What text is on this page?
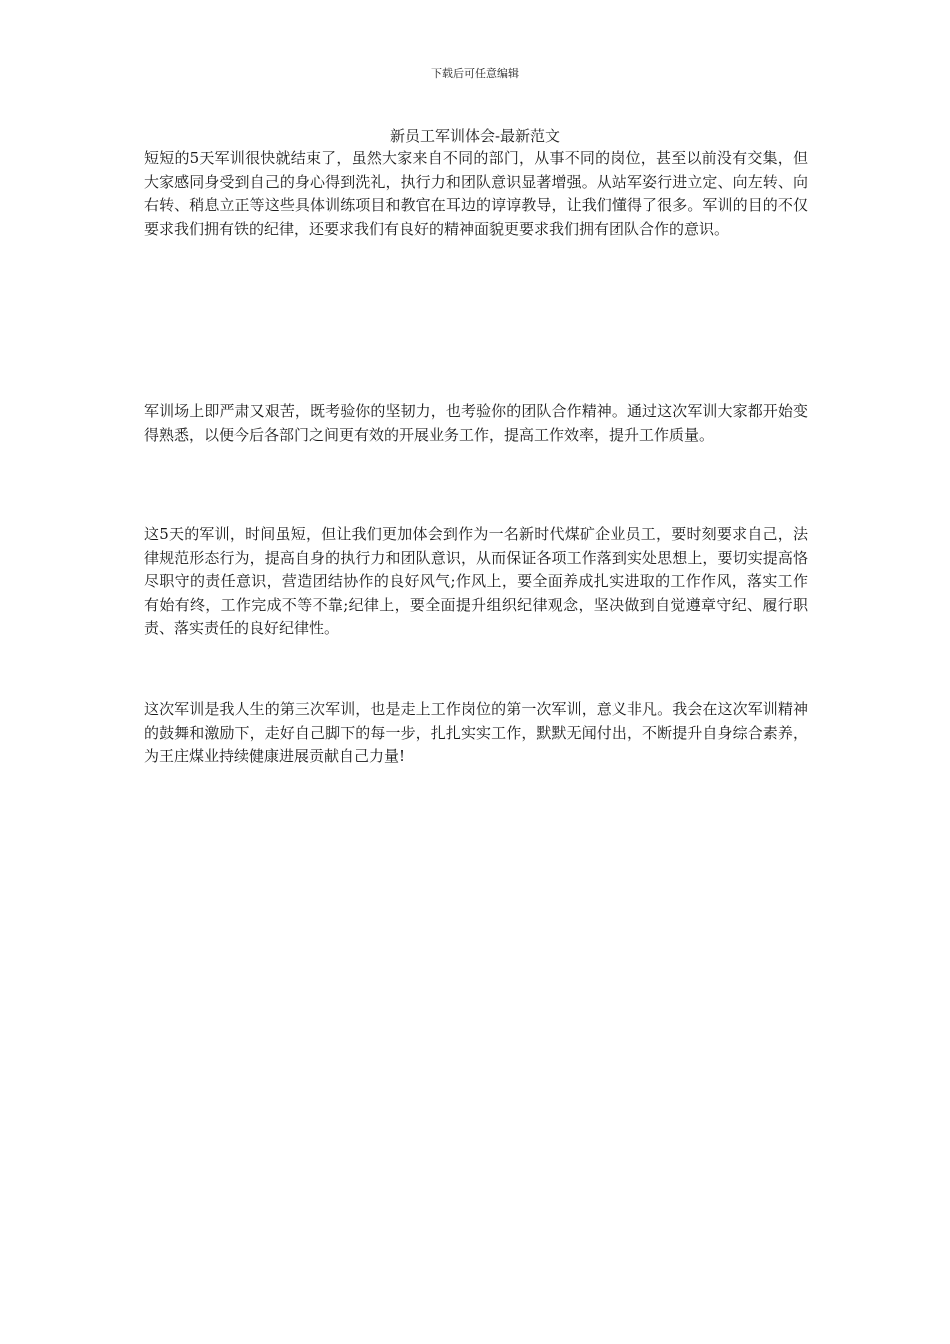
下载后可任意编辑
新员工军训体会-最新范文

短短的5天军训很快就结束了，虽然大家来自不同的部门，从事不同的岗位，甚至以前没有交集，但大家感同身受到自己的身心得到洗礼，执行力和团队意识显著增强。从站军姿行进立定、向左转、向右转、稍息立正等这些具体训练项目和教官在耳边的谆谆教导，让我们懂得了很多。军训的目的不仅要求我们拥有铁的纪律，还要求我们有良好的精神面貌更要求我们拥有团队合作的意识。

军训场上即严肃又艰苦，既考验你的坚韧力，也考验你的团队合作精神。通过这次军训大家都开始变得熟悉，以便今后各部门之间更有效的开展业务工作，提高工作效率，提升工作质量。

这5天的军训，时间虽短，但让我们更加体会到作为一名新时代煤矿企业员工，要时刻要求自己，法律规范形态行为，提高自身的执行力和团队意识，从而保证各项工作落到实处思想上，要切实提高恪尽职守的责任意识，营造团结协作的良好风气;作风上，要全面养成扎实进取的工作作风，落实工作有始有终，工作完成不等不靠;纪律上，要全面提升组织纪律观念，坚决做到自觉遵章守纪、履行职责、落实责任的良好纪律性。

这次军训是我人生的第三次军训，也是走上工作岗位的第一次军训，意义非凡。我会在这次军训精神的鼓舞和激励下，走好自己脚下的每一步，扎扎实实工作，默默无闻付出，不断提升自身综合素养，为王庄煤业持续健康进展贡献自己力量!
